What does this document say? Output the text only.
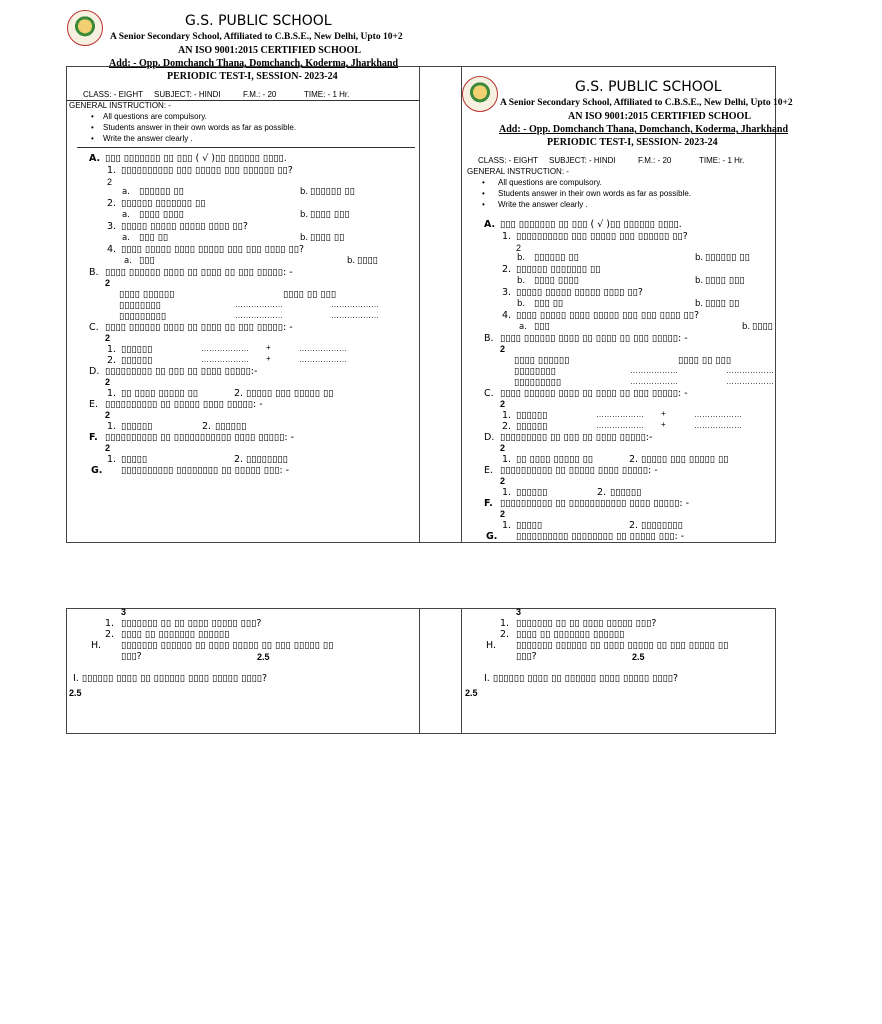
G.S. PUBLIC SCHOOL
A Senior Secondary School, Affiliated to C.B.S.E., New Delhi, Upto 10+2
AN ISO 9001:2015 CERTIFIED SCHOOL
Add: - Opp. Domchanch Thana, Domchanch, Koderma, Jharkhand
PERIODIC TEST-I, SESSION- 2023-24
CLASS: - EIGHT SUBJECT: - HINDI	F.M.: - 20	TIME: - 1 Hr.
GENERAL INSTRUCTION: -
• All questions are compulsory.
• Students answer in their own words as far as possible.
• Write the answer clearly .
A. ▯▯▯ ▯▯▯▯▯▯▯ ▯▯ ▯▯▯ ( √ )▯▯ ▯▯▯▯▯▯ ▯▯▯▯.
1. ▯▯▯▯▯▯▯▯▯▯ ▯▯▯ ▯▯▯▯▯ ▯▯▯ ▯▯▯▯▯▯ ▯▯?
2
a. ▯▯▯▯▯▯ ▯▯	b. ▯▯▯▯▯▯ ▯▯
2. ▯▯▯▯▯▯ ▯▯▯▯▯▯▯ ▯▯
a. ▯▯▯▯ ▯▯▯▯	b. ▯▯▯▯ ▯▯▯
3. ▯▯▯▯▯ ▯▯▯▯▯ ▯▯▯▯▯ ▯▯▯▯ ▯▯?
a. ▯▯▯ ▯▯	b. ▯▯▯▯ ▯▯
4. ▯▯▯▯ ▯▯▯▯▯ ▯▯▯▯ ▯▯▯▯▯ ▯▯▯ ▯▯▯ ▯▯▯▯ ▯▯?
a. ▯▯▯	b. ▯▯▯▯
B. ▯▯▯▯ ▯▯▯▯▯▯ ▯▯▯▯ ▯▯ ▯▯▯▯ ▯▯ ▯▯▯ ▯▯▯▯▯: -
2
▯▯▯▯ ▯▯▯▯▯▯	▯▯▯▯ ▯▯ ▯▯▯
▯▯▯▯▯▯▯▯	………………	………………
▯▯▯▯▯▯▯▯▯	………………	………………
C. ▯▯▯▯ ▯▯▯▯▯▯ ▯▯▯▯ ▯▯ ▯▯▯▯ ▯▯ ▯▯▯ ▯▯▯▯▯: -
2
1. ▯▯▯▯▯▯	……………… +	………………
2. ▯▯▯▯▯▯	……………… +	………………
D. ▯▯▯▯▯▯▯▯▯ ▯▯ ▯▯▯ ▯▯ ▯▯▯▯ ▯▯▯▯▯:-
2
1. ▯▯ ▯▯▯▯ ▯▯▯▯▯ ▯▯	2. ▯▯▯▯▯ ▯▯▯ ▯▯▯▯▯ ▯▯
E. ▯▯▯▯▯▯▯▯▯▯ ▯▯ ▯▯▯▯▯ ▯▯▯▯ ▯▯▯▯▯: -
2
1. ▯▯▯▯▯▯	2. ▯▯▯▯▯▯
F. ▯▯▯▯▯▯▯▯▯▯ ▯▯ ▯▯▯▯▯▯▯▯▯▯▯ ▯▯▯▯ ▯▯▯▯▯: -
2
1. ▯▯▯▯▯	2. ▯▯▯▯▯▯▯▯
G. ▯▯▯▯▯▯▯▯▯▯ ▯▯▯▯▯▯▯▯ ▯▯ ▯▯▯▯▯ ▯▯▯: -
3
1. ▯▯▯▯▯▯▯ ▯▯ ▯▯ ▯▯▯▯ ▯▯▯▯▯ ▯▯▯?
2. ▯▯▯▯ ▯▯ ▯▯▯▯▯▯▯ ▯▯▯▯▯▯
H. ▯▯▯▯▯▯▯ ▯▯▯▯▯▯ ▯▯ ▯▯▯▯ ▯▯▯▯▯ ▯▯ ▯▯▯ ▯▯▯▯▯ ▯▯
▯▯▯?	2.5
I. ▯▯▯▯▯▯ ▯▯▯▯ ▯▯ ▯▯▯▯▯▯ ▯▯▯▯ ▯▯▯▯▯ ▯▯▯▯?
2.5
G.S. PUBLIC SCHOOL
A Senior Secondary School, Affiliated to C.B.S.E., New Delhi, Upto 10+2
AN ISO 9001:2015 CERTIFIED SCHOOL
Add: - Opp. Domchanch Thana, Domchanch, Koderma, Jharkhand
PERIODIC TEST-I, SESSION- 2023-24
CLASS: - EIGHT SUBJECT: - HINDI	F.M.: - 20	TIME: - 1 Hr.
GENERAL INSTRUCTION: -
• All questions are compulsory.
• Students answer in their own words as far as possible.
• Write the answer clearly .
A. ▯▯▯ ▯▯▯▯▯▯▯ ▯▯ ▯▯▯ ( √ )▯▯ ▯▯▯▯▯▯ ▯▯▯▯.
1. ▯▯▯▯▯▯▯▯▯▯ ▯▯▯ ▯▯▯▯▯ ▯▯▯ ▯▯▯▯▯▯ ▯▯?
2
b. ▯▯▯▯▯▯ ▯▯	b. ▯▯▯▯▯▯ ▯▯
2. ▯▯▯▯▯▯ ▯▯▯▯▯▯▯ ▯▯
b. ▯▯▯▯ ▯▯▯▯	b. ▯▯▯▯ ▯▯▯
3. ▯▯▯▯▯ ▯▯▯▯▯ ▯▯▯▯▯ ▯▯▯▯ ▯▯?
b. ▯▯▯ ▯▯	b. ▯▯▯▯ ▯▯
4. ▯▯▯▯ ▯▯▯▯▯ ▯▯▯▯ ▯▯▯▯▯ ▯▯▯ ▯▯▯ ▯▯▯▯ ▯▯?
a. ▯▯▯	b. ▯▯▯▯
B. ▯▯▯▯ ▯▯▯▯▯▯ ▯▯▯▯ ▯▯ ▯▯▯▯ ▯▯ ▯▯▯ ▯▯▯▯▯: -
2
▯▯▯▯ ▯▯▯▯▯▯	▯▯▯▯ ▯▯ ▯▯▯
▯▯▯▯▯▯▯▯	………………	………………
▯▯▯▯▯▯▯▯▯	………………	………………
C. ▯▯▯▯ ▯▯▯▯▯▯ ▯▯▯▯ ▯▯ ▯▯▯▯ ▯▯ ▯▯▯ ▯▯▯▯▯: -
2
1. ▯▯▯▯▯▯	……………… +	………………
2. ▯▯▯▯▯▯	……………… +	………………
D. ▯▯▯▯▯▯▯▯▯ ▯▯ ▯▯▯ ▯▯ ▯▯▯▯ ▯▯▯▯▯:-
2
1. ▯▯ ▯▯▯▯ ▯▯▯▯▯ ▯▯	2. ▯▯▯▯▯ ▯▯▯ ▯▯▯▯▯ ▯▯
E. ▯▯▯▯▯▯▯▯▯▯ ▯▯ ▯▯▯▯▯ ▯▯▯▯ ▯▯▯▯▯: -
2
1. ▯▯▯▯▯▯	2. ▯▯▯▯▯▯
F. ▯▯▯▯▯▯▯▯▯▯ ▯▯ ▯▯▯▯▯▯▯▯▯▯▯ ▯▯▯▯ ▯▯▯▯▯: -
2
1. ▯▯▯▯▯	2. ▯▯▯▯▯▯▯▯
G. ▯▯▯▯▯▯▯▯▯▯ ▯▯▯▯▯▯▯▯ ▯▯ ▯▯▯▯▯ ▯▯▯: -
3
1. ▯▯▯▯▯▯▯ ▯▯ ▯▯ ▯▯▯▯ ▯▯▯▯▯ ▯▯▯?
2. ▯▯▯▯ ▯▯ ▯▯▯▯▯▯▯ ▯▯▯▯▯▯
H. ▯▯▯▯▯▯▯ ▯▯▯▯▯▯ ▯▯ ▯▯▯▯ ▯▯▯▯▯ ▯▯ ▯▯▯ ▯▯▯▯▯ ▯▯
▯▯▯?	2.5
I. ▯▯▯▯▯▯ ▯▯▯▯ ▯▯ ▯▯▯▯▯▯ ▯▯▯▯ ▯▯▯▯▯ ▯▯▯▯?
2.5
